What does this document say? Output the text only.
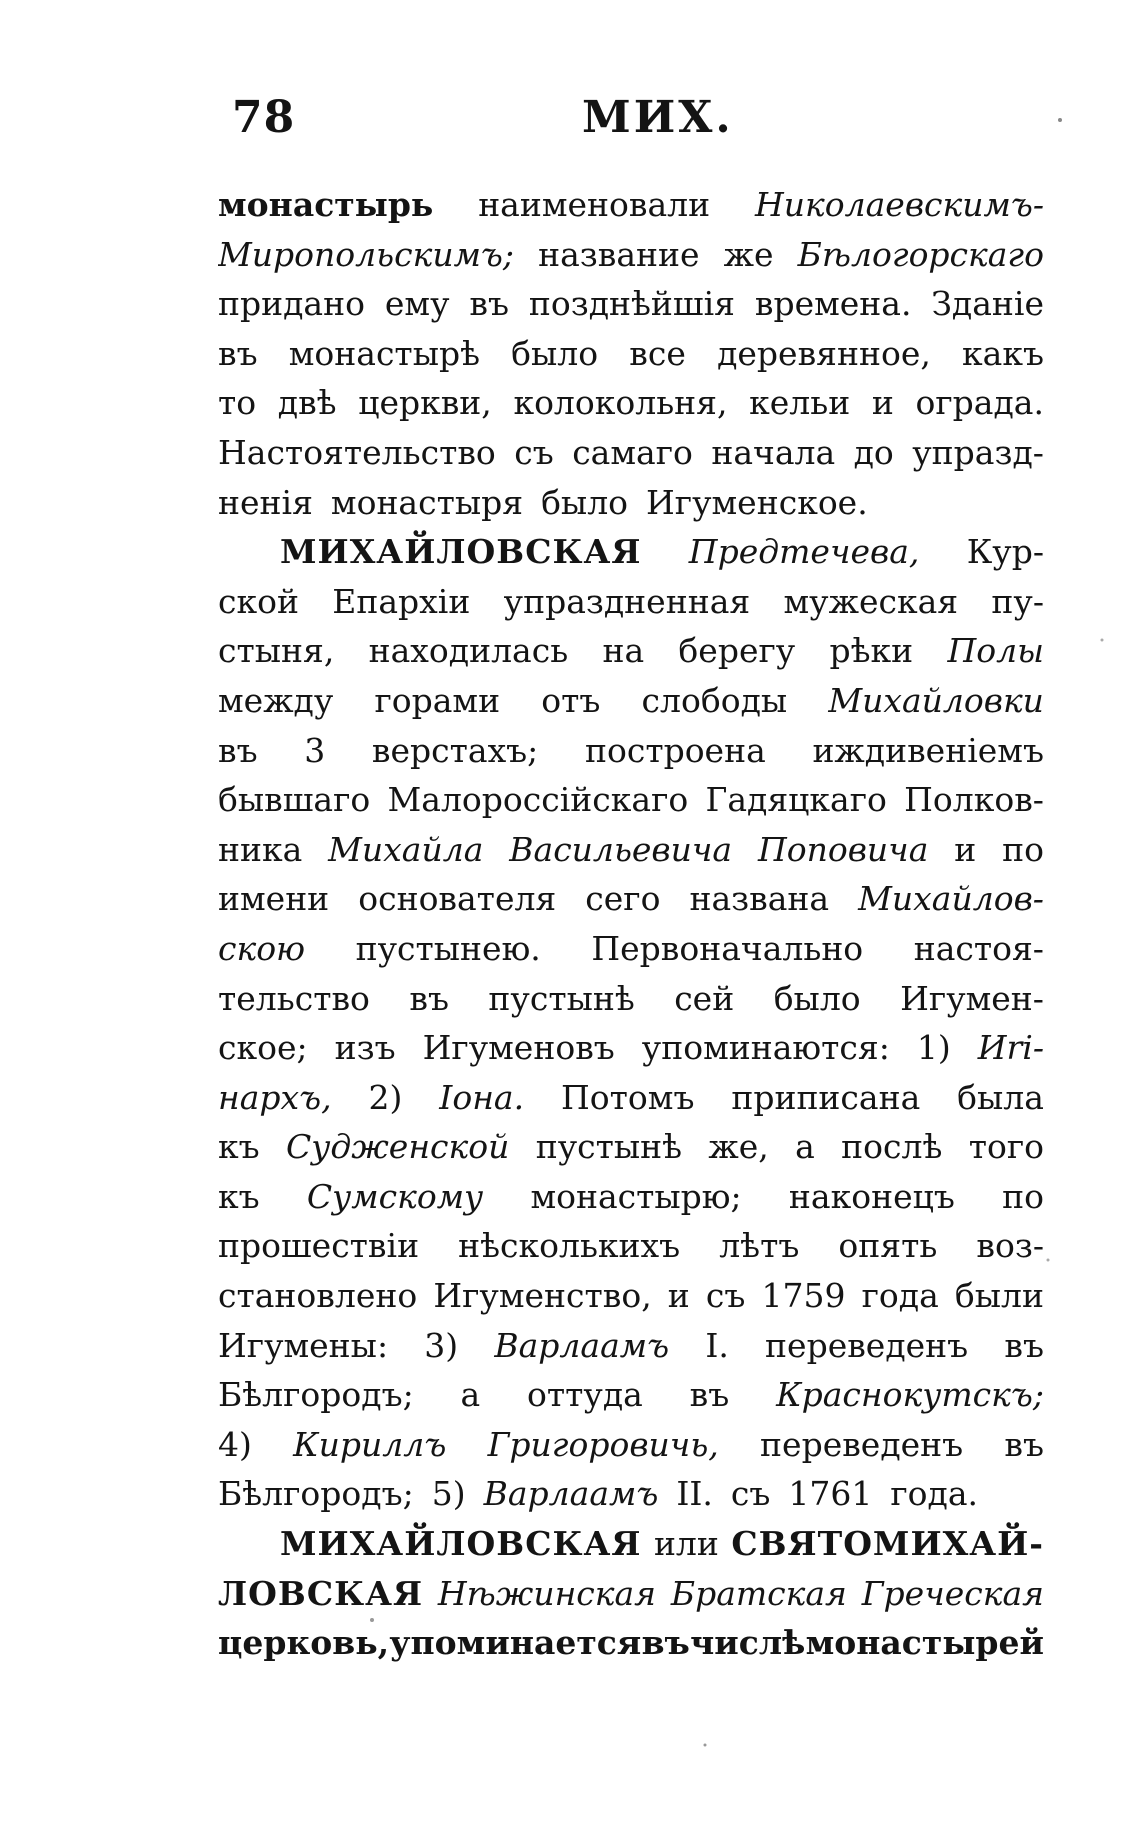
78	МИХ.
монастырь наименовали Николаевскимъ-
Миропольскимъ; название же Бѣлогорскаго
придано ему въ позднѣйшія времена. Зданіе
въ монастырѣ было все деревянное, какъ
то двѣ церкви, колокольня, кельи и ограда.
Настоятельство съ самаго начала до упразд-
ненія монастыря было Игуменское.
МИХАЙЛОВСКАЯ Предтечева, Кур-
ской Епархіи упраздненная мужеская пу-
стыня, находилась на берегу рѣки Полы
между горами отъ слободы Михайловки
въ 3 верстахъ; построена иждивеніемъ
бывшаго Малороссійскаго Гадяцкаго Полков-
ника Михайла Васильевича Поповича и по
имени основателя сего названа Михайлов-
скою пустынею. Первоначально настоя-
тельство въ пустынѣ сей было Игумен-
ское; изъ Игуменовъ упоминаются: 1) Иri-
нархъ, 2) Іона. Потомъ приписана была
къ Судженской пустынѣ же, а послѣ того
къ Сумскому монастырю; наконецъ по
прошествіи нѣсколькихъ лѣтъ опять воз-
становлено Игуменство, и съ 1759 года были
Игумены: 3) Варлаамъ I. переведенъ въ
Бѣлгородъ; а оттуда въ Краснокутскъ;
4) Кириллъ Григоровичь, переведенъ въ
Бѣлгородъ; 5) Варлаамъ II. съ 1761 года.
МИХАЙЛОВСКАЯ или СВЯТОМИХАЙ-
ЛОВСКАЯ Нѣжинская Братская Греческая
церковь, упоминается въ числѣ монастырей
